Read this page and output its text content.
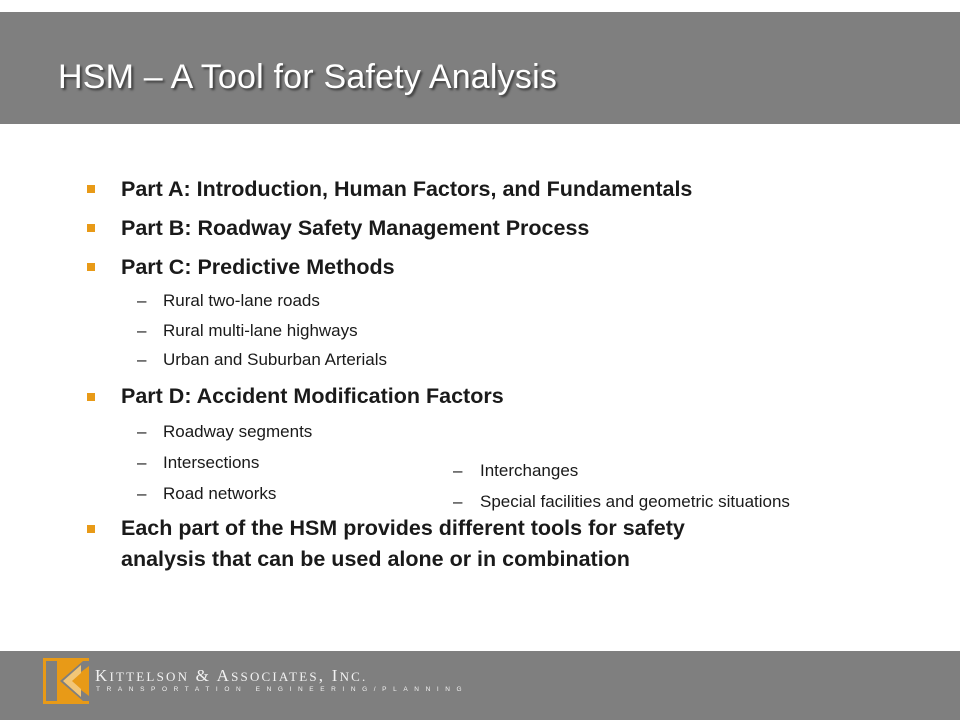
HSM – A Tool for Safety Analysis
Part A: Introduction, Human Factors, and Fundamentals
Part B: Roadway Safety Management Process
Part C: Predictive Methods
– Rural two-lane roads
– Rural multi-lane highways
– Urban and Suburban Arterials
Part D: Accident Modification Factors
– Roadway segments
– Intersections
– Road networks
– Interchanges
– Special facilities and geometric situations
Each part of the HSM provides different tools for safety
analysis that can be used alone or in combination
KITTELSON & ASSOCIATES, INC.
TRANSPORTATION ENGINEERING/PLANNING
